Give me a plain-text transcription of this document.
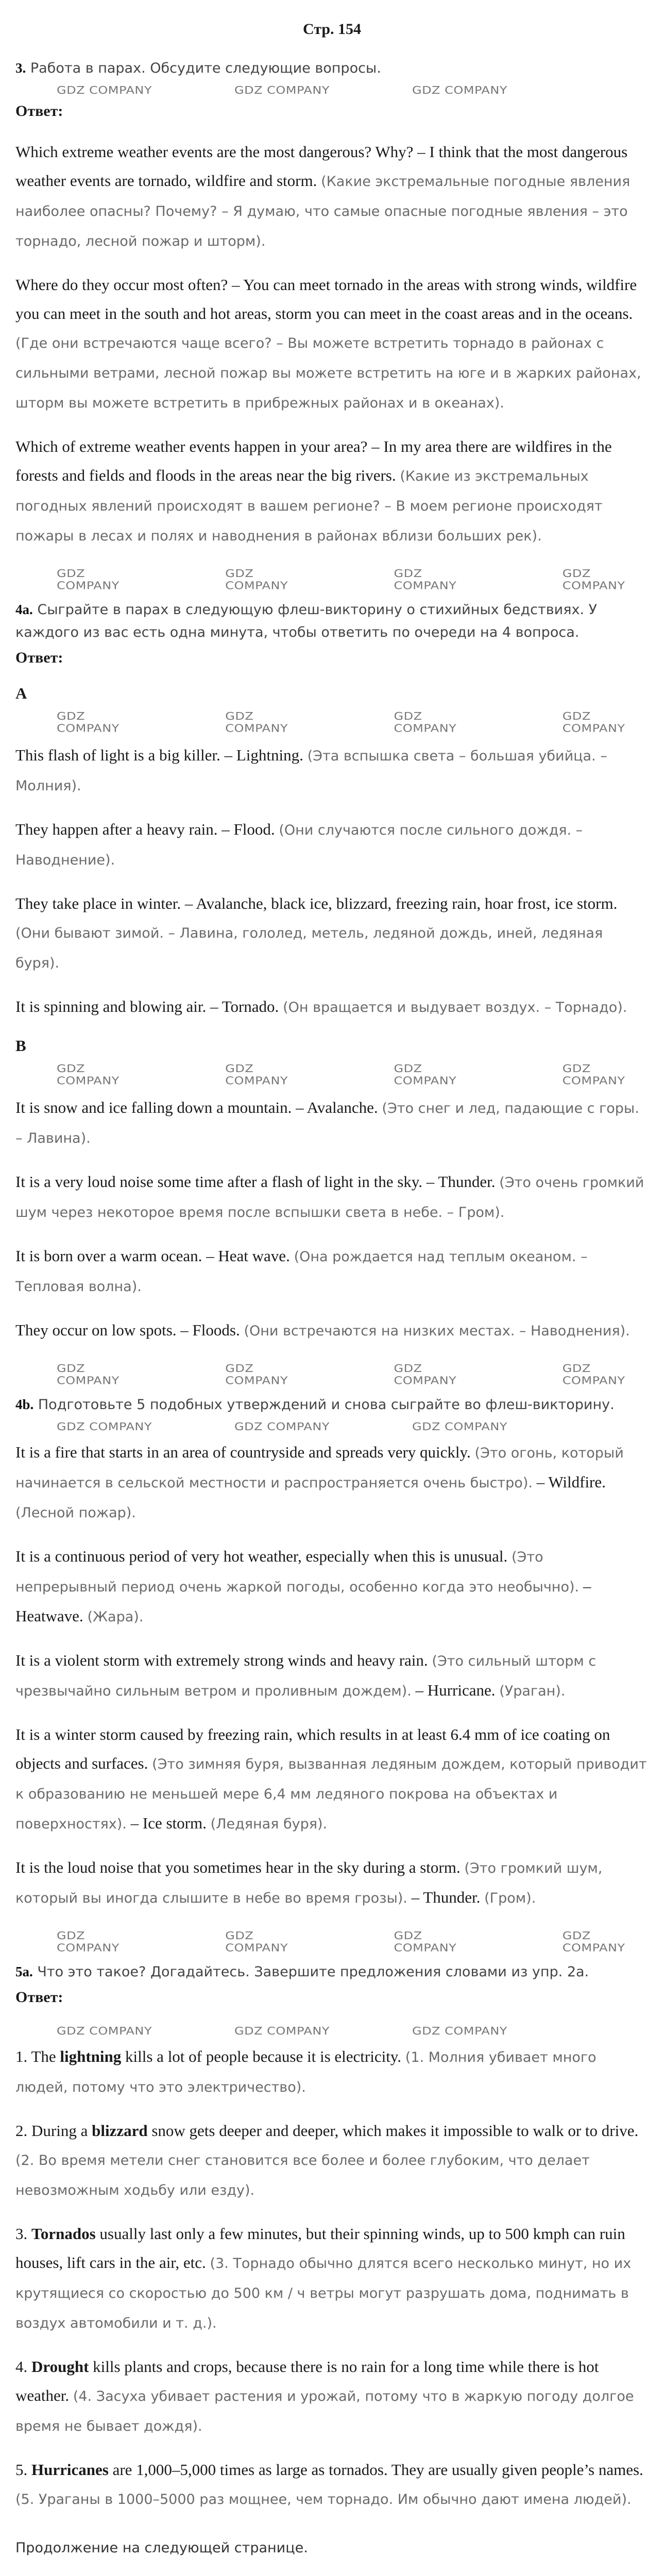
Стр. 154
3. Работа в парах. Обсудите следующие вопросы.
GDZ COMPANY	GDZ COMPANY	GDZ COMPANY
Ответ:

Which extreme weather events are the most dangerous? Why? – I think that the most dangerous weather events are tornado, wildfire and storm. (Какие экстремальные погодные явления наиболее опасны? Почему? – Я думаю, что самые опасные погодные явления – это торнадо, лесной пожар и шторм).

Where do they occur most often? – You can meet tornado in the areas with strong winds, wildfire you can meet in the south and hot areas, storm you can meet in the coast areas and in the oceans. (Где они встречаются чаще всего? – Вы можете встретить торнадо в районах с сильными ветрами, лесной пожар вы можете встретить на юге и в жарких районах, шторм вы можете встретить в прибрежных районах и в океанах).

Which of extreme weather events happen in your area? – In my area there are wildfires in the forests and fields and floods in the areas near the big rivers. (Какие из экстремальных погодных явлений происходят в вашем регионе? – В моем регионе происходят пожары в лесах и полях и наводнения в районах вблизи больших рек).

GDZ COMPANY
GDZ COMPANY
GDZ COMPANY
GDZ COMPANY
4a. Сыграйте в парах в следующую флеш-викторину о стихийных бедствиях. У каждого из вас есть одна минута, чтобы ответить по очереди на 4 вопроса.
Ответ:
A
GDZ COMPANY
GDZ COMPANY
GDZ COMPANY
GDZ COMPANY

This flash of light is a big killer. – Lightning. (Эта вспышка света – большая убийца. – Молния).

They happen after a heavy rain. – Flood. (Они случаются после сильного дождя. – Наводнение).

They take place in winter. – Avalanche, black ice, blizzard, freezing rain, hoar frost, ice storm. (Они бывают зимой. – Лавина, гололед, метель, ледяной дождь, иней, ледяная буря).

It is spinning and blowing air. – Tornado. (Он вращается и выдувает воздух. – Торнадо).

B
GDZ COMPANY
GDZ COMPANY
GDZ COMPANY
GDZ COMPANY

It is snow and ice falling down a mountain. – Avalanche. (Это снег и лед, падающие с горы. – Лавина).

It is a very loud noise some time after a flash of light in the sky. – Thunder. (Это очень громкий шум через некоторое время после вспышки света в небе. – Гром).

It is born over a warm ocean. – Heat wave. (Она рождается над теплым океаном. – Тепловая волна).

They occur on low spots. – Floods. (Они встречаются на низких местах. – Наводнения).

GDZ COMPANY
GDZ COMPANY
GDZ COMPANY
GDZ COMPANY
4b. Подготовьте 5 подобных утверждений и снова сыграйте во флеш-викторину.
GDZ COMPANY	GDZ COMPANY	GDZ COMPANY

It is a fire that starts in an area of countryside and spreads very quickly. (Это огонь, который начинается в сельской местности и распространяется очень быстро). – Wildfire. (Лесной пожар).

It is a continuous period of very hot weather, especially when this is unusual. (Это непрерывный период очень жаркой погоды, особенно когда это необычно). – Heatwave. (Жара).

It is a violent storm with extremely strong winds and heavy rain. (Это сильный шторм с чрезвычайно сильным ветром и проливным дождем). – Hurricane. (Ураган).

It is a winter storm caused by freezing rain, which results in at least 6.4 mm of ice coating on objects and surfaces. (Это зимняя буря, вызванная ледяным дождем, который приводит к образованию не меньшей мере 6,4 мм ледяного покрова на объектах и поверхностях). – Ice storm. (Ледяная буря).

It is the loud noise that you sometimes hear in the sky during a storm. (Это громкий шум, который вы иногда слышите в небе во время грозы). – Thunder. (Гром).

GDZ COMPANY
GDZ COMPANY
GDZ COMPANY
GDZ COMPANY
5a. Что это такое? Догадайтесь. Завершите предложения словами из упр. 2а.
Ответ:
GDZ COMPANY	GDZ COMPANY	GDZ COMPANY

1. The lightning kills a lot of people because it is electricity. (1. Молния убивает много людей, потому что это электричество).

2. During a blizzard snow gets deeper and deeper, which makes it impossible to walk or to drive. (2. Во время метели снег становится все более и более глубоким, что делает невозможным ходьбу или езду).

3. Tornados usually last only a few minutes, but their spinning winds, up to 500 kmph can ruin houses, lift cars in the air, etc. (3. Торнадо обычно длятся всего несколько минут, но их крутящиеся со скоростью до 500 км / ч ветры могут разрушать дома, поднимать в воздух автомобили и т. д.).

4. Drought kills plants and crops, because there is no rain for a long time while there is hot weather. (4. Засуха убивает растения и урожай, потому что в жаркую погоду долгое время не бывает дождя).

5. Hurricanes are 1,000–5,000 times as large as tornados. They are usually given people’s names. (5. Ураганы в 1000–5000 раз мощнее, чем торнадо. Им обычно дают имена людей).

Продолжение на следующей странице.
